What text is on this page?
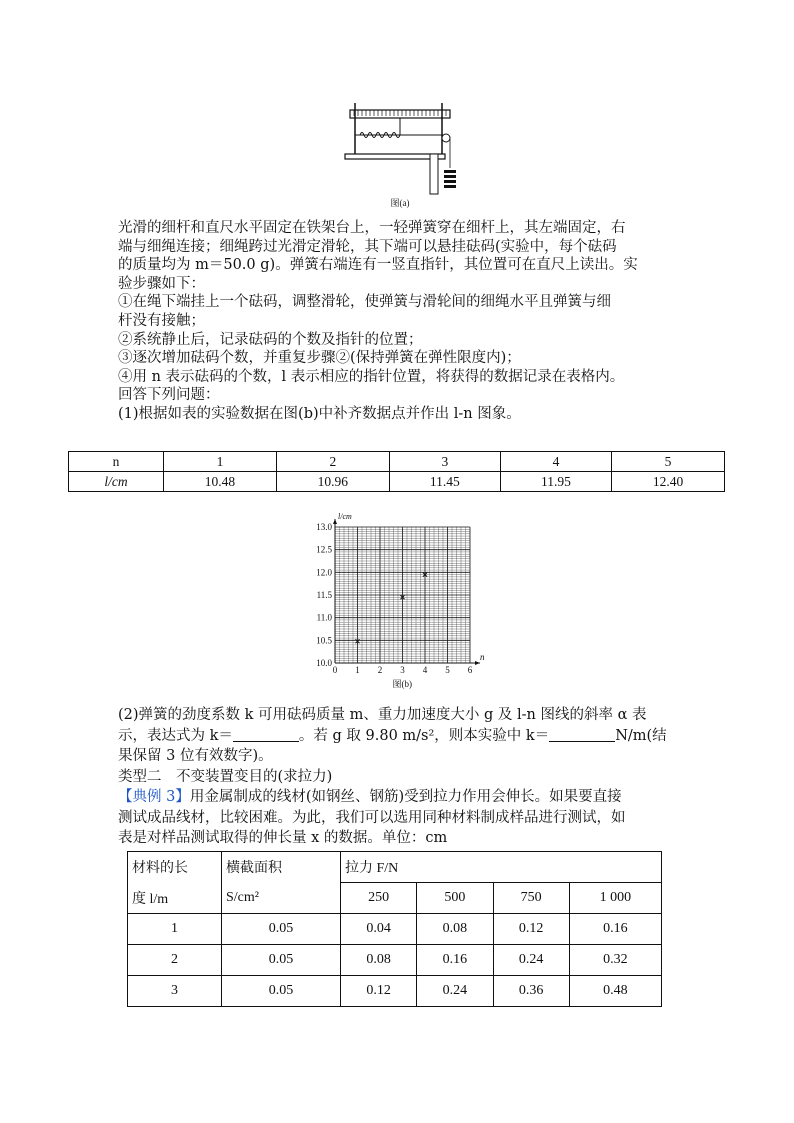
图(a)

光滑的细杆和直尺水平固定在铁架台上，一轻弹簧穿在细杆上，其左端固定，右

端与细绳连接；细绳跨过光滑定滑轮，其下端可以悬挂砝码(实验中，每个砝码

的质量均为 m＝50.0 g)。弹簧右端连有一竖直指针，其位置可在直尺上读出。实

验步骤如下：

①在绳下端挂上一个砝码，调整滑轮，使弹簧与滑轮间的细绳水平且弹簧与细

杆没有接触；

②系统静止后，记录砝码的个数及指针的位置；

③逐次增加砝码个数，并重复步骤②(保持弹簧在弹性限度内)；

④用 n 表示砝码的个数，l 表示相应的指针位置，将获得的数据记录在表格内。

回答下列问题：

(1)根据如表的实验数据在图(b)中补齐数据点并作出 l-n 图象。

n	1	2	3	4	5
l/cm	10.48	10.96	11.45	11.95	12.40
0 1 2 3 4 5 6
10.0
10.5
11.0
11.5
12.0
12.5
13.0
l/cm
n
图(b)

(2)弹簧的劲度系数 k 可用砝码质量 m、重力加速度大小 g 及 l-n 图线的斜率 α 表

示，表达式为 k＝	。若 g 取 9.80 m/s²，则本实验中 k＝	N/m(结

果保留 3 位有效数字)。

类型二　不变装置变目的(求拉力)

【典例 3】用金属制成的线材(如钢丝、钢筋)受到拉力作用会伸长。如果要直接

测试成品线材，比较困难。为此，我们可以选用同种材料制成样品进行测试，如

表是对样品测试取得的伸长量 x 的数据。单位：cm

材料的长	横截面积	拉力 F/N			
度 l/m	S/cm²	250	500	750	1 000
1	0.05	0.04	0.08	0.12	0.16
2	0.05	0.08	0.16	0.24	0.32
3	0.05	0.12	0.24	0.36	0.48
